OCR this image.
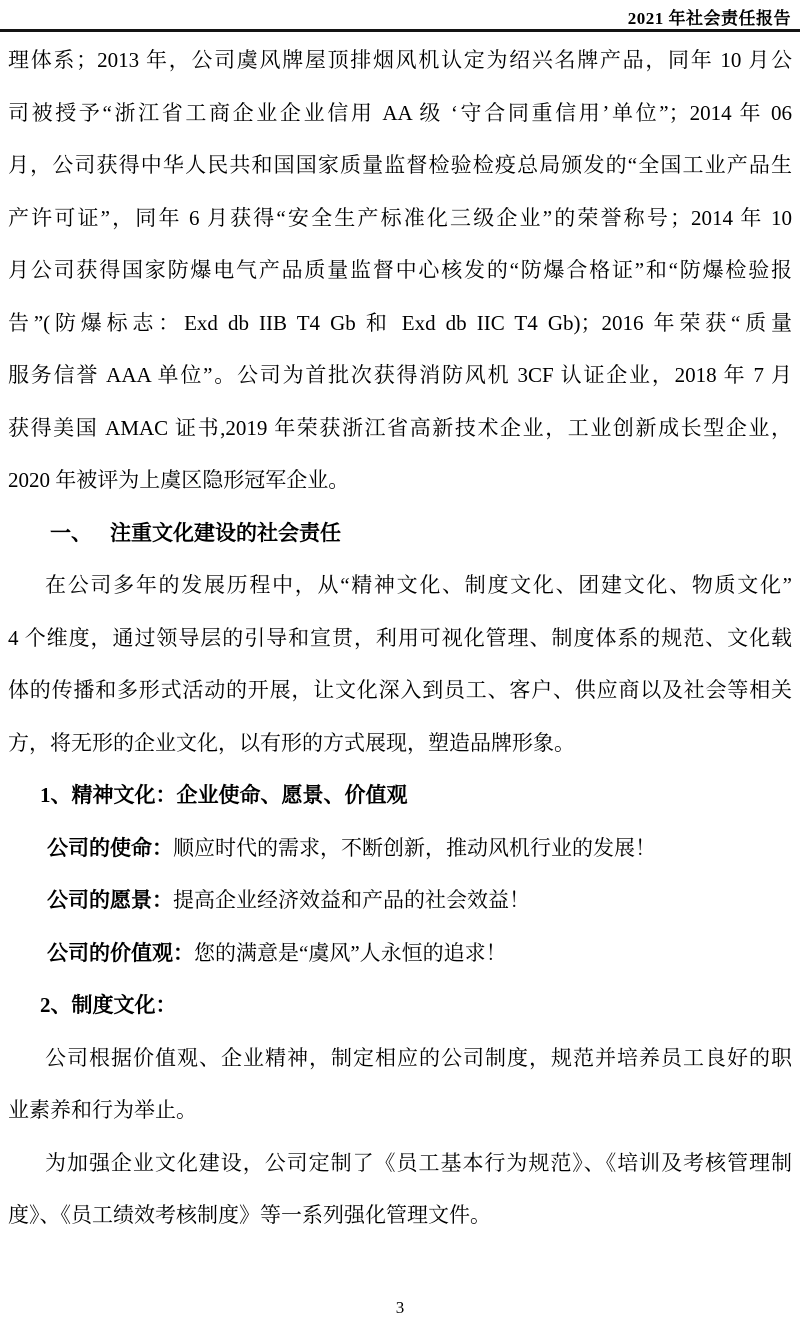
2021 年社会责任报告
理体系；2013 年，公司虞风牌屋顶排烟风机认定为绍兴名牌产品，同年 10 月公
司被授予“浙江省工商企业企业信用 AA 级 ‘守合同重信用’单位”；2014 年 06
月，公司获得中华人民共和国国家质量监督检验检疫总局颁发的“全国工业产品生
产许可证”，同年 6 月获得“安全生产标准化三级企业”的荣誉称号；2014 年 10
月公司获得国家防爆电气产品质量监督中心核发的“防爆合格证”和“防爆检验报
告”(防爆标志：Exd db IIB T4 Gb 和 Exd db IIC T4 Gb)；2016 年荣获“质量
服务信誉 AAA 单位”。公司为首批次获得消防风机 3CF 认证企业，2018 年 7 月
获得美国 AMAC 证书,2019 年荣获浙江省高新技术企业，工业创新成长型企业，
2020 年被评为上虞区隐形冠军企业。
一、 注重文化建设的社会责任
在公司多年的发展历程中，从“精神文化、制度文化、团建文化、物质文化”
4 个维度，通过领导层的引导和宣贯，利用可视化管理、制度体系的规范、文化载
体的传播和多形式活动的开展，让文化深入到员工、客户、供应商以及社会等相关
方，将无形的企业文化，以有形的方式展现，塑造品牌形象。
1、精神文化：企业使命、愿景、价值观
公司的使命：顺应时代的需求，不断创新，推动风机行业的发展！
公司的愿景：提高企业经济效益和产品的社会效益！
公司的价值观：您的满意是“虞风”人永恒的追求！
2、制度文化：
公司根据价值观、企业精神，制定相应的公司制度，规范并培养员工良好的职
业素养和行为举止。
为加强企业文化建设，公司定制了《员工基本行为规范》、《培训及考核管理制
度》、《员工绩效考核制度》等一系列强化管理文件。
3
